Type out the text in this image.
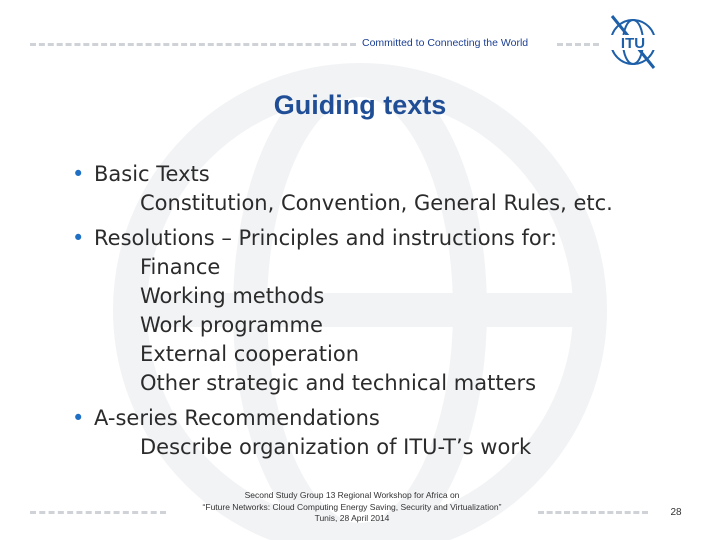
Committed to Connecting the World	ITU
Guiding texts
• Basic Texts
Constitution, Convention, General Rules, etc.
• Resolutions – Principles and instructions for:
Finance
Working methods
Work programme
External cooperation
Other strategic and technical matters
• A-series Recommendations
Describe organization of ITU-T’s work
Second Study Group 13 Regional Workshop for Africa on
“Future Networks: Cloud Computing Energy Saving, Security and Virtualization”
Tunis, 28 April 2014	28
